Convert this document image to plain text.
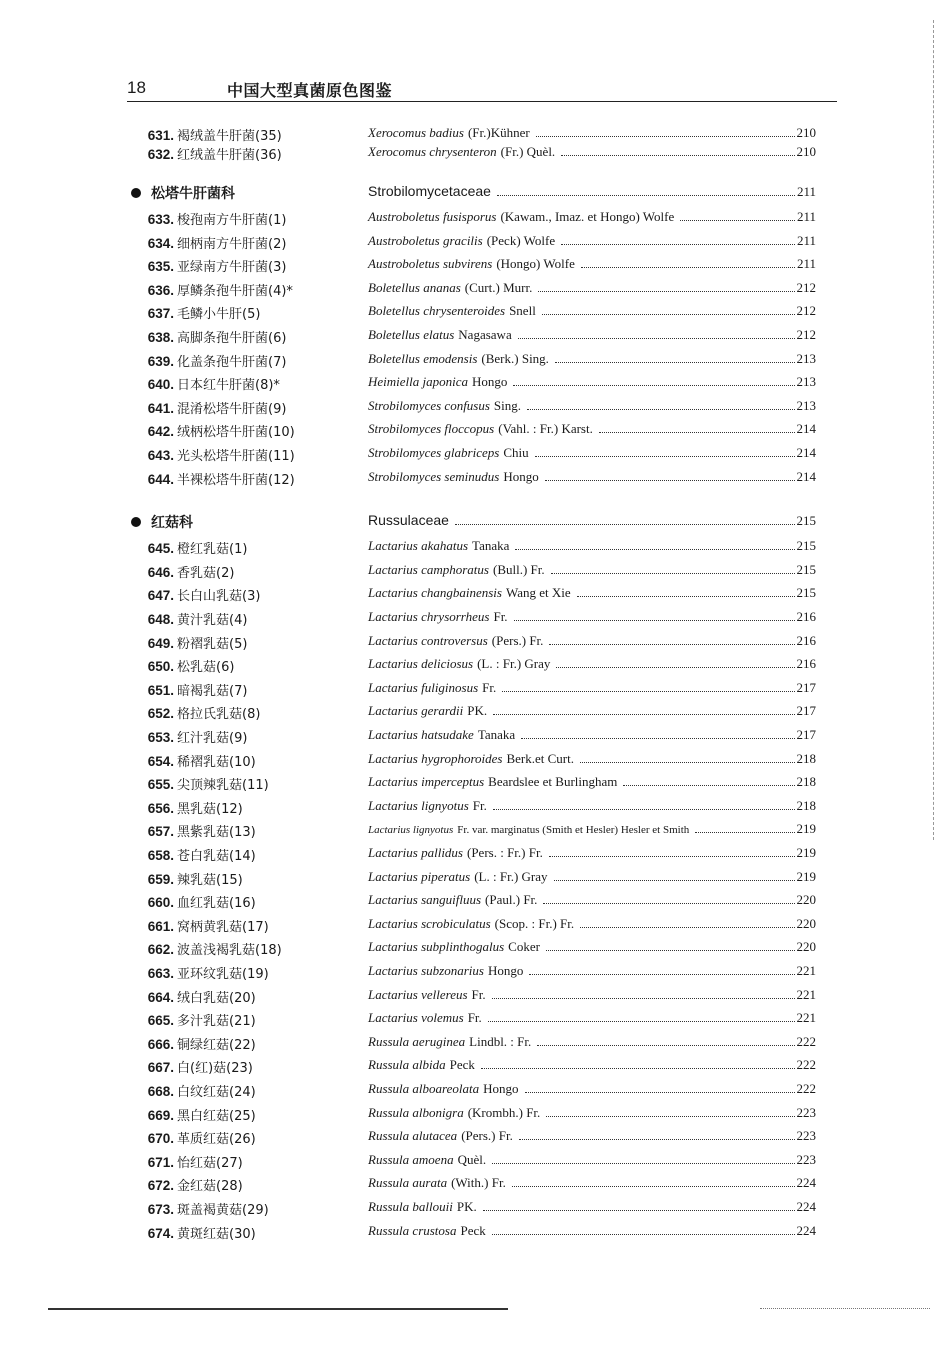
18	中国大型真菌原色图鉴
631. 褐绒盖牛肝菌(35)	Xerocomus badius (Fr.)Kühner	210
632. 红绒盖牛肝菌(36)	Xerocomus chrysenteron (Fr.) Quèl.	210
松塔牛肝菌科	Strobilomycetaceae	211
633. 梭孢南方牛肝菌(1)	Austroboletus fusisporus (Kawam., Imaz. et Hongo) Wolfe	211
634. 细柄南方牛肝菌(2)	Austroboletus gracilis (Peck) Wolfe	211
635. 亚绿南方牛肝菌(3)	Austroboletus subvirens (Hongo) Wolfe	211
636. 厚鳞条孢牛肝菌(4)*	Boletellus ananas (Curt.) Murr.	212
637. 毛鳞小牛肝(5)	Boletellus chrysenteroides Snell	212
638. 高脚条孢牛肝菌(6)	Boletellus elatus Nagasawa	212
639. 化盖条孢牛肝菌(7)	Boletellus emodensis (Berk.) Sing.	213
640. 日本红牛肝菌(8)*	Heimiella japonica Hongo	213
641. 混淆松塔牛肝菌(9)	Strobilomyces confusus Sing.	213
642. 绒柄松塔牛肝菌(10)	Strobilomyces floccopus (Vahl. : Fr.) Karst.	214
643. 光头松塔牛肝菌(11)	Strobilomyces glabriceps Chiu	214
644. 半裸松塔牛肝菌(12)	Strobilomyces seminudus Hongo	214
红菇科	Russulaceae	215
645. 橙红乳菇(1)	Lactarius akahatus Tanaka	215
646. 香乳菇(2)	Lactarius camphoratus (Bull.) Fr.	215
647. 长白山乳菇(3)	Lactarius changbainensis Wang et Xie	215
648. 黄汁乳菇(4)	Lactarius chrysorrheus Fr.	216
649. 粉褶乳菇(5)	Lactarius controversus (Pers.) Fr.	216
650. 松乳菇(6)	Lactarius deliciosus (L. : Fr.) Gray	216
651. 暗褐乳菇(7)	Lactarius fuliginosus Fr.	217
652. 格拉氏乳菇(8)	Lactarius gerardii PK.	217
653. 红汁乳菇(9)	Lactarius hatsudake Tanaka	217
654. 稀褶乳菇(10)	Lactarius hygrophoroides Berk.et Curt.	218
655. 尖顶辣乳菇(11)	Lactarius imperceptus Beardslee et Burlingham	218
656. 黑乳菇(12)	Lactarius lignyotus Fr.	218
657. 黑紫乳菇(13)	Lactarius lignyotus Fr. var. marginatus (Smith et Hesler) Hesler et Smith	219
658. 苍白乳菇(14)	Lactarius pallidus (Pers. : Fr.) Fr.	219
659. 辣乳菇(15)	Lactarius piperatus (L. : Fr.) Gray	219
660. 血红乳菇(16)	Lactarius sanguifluus (Paul.) Fr.	220
661. 窝柄黄乳菇(17)	Lactarius scrobiculatus (Scop. : Fr.) Fr.	220
662. 波盖浅褐乳菇(18)	Lactarius subplinthogalus Coker	220
663. 亚环纹乳菇(19)	Lactarius subzonarius Hongo	221
664. 绒白乳菇(20)	Lactarius vellereus Fr.	221
665. 多汁乳菇(21)	Lactarius volemus Fr.	221
666. 铜绿红菇(22)	Russula aeruginea Lindbl. : Fr.	222
667. 白(红)菇(23)	Russula albida Peck	222
668. 白纹红菇(24)	Russula alboareolata Hongo	222
669. 黑白红菇(25)	Russula albonigra (Krombh.) Fr.	223
670. 革质红菇(26)	Russula alutacea (Pers.) Fr.	223
671. 怡红菇(27)	Russula amoena Quèl.	223
672. 金红菇(28)	Russula aurata (With.) Fr.	224
673. 斑盖褐黄菇(29)	Russula ballouii PK.	224
674. 黄斑红菇(30)	Russula crustosa Peck	224
